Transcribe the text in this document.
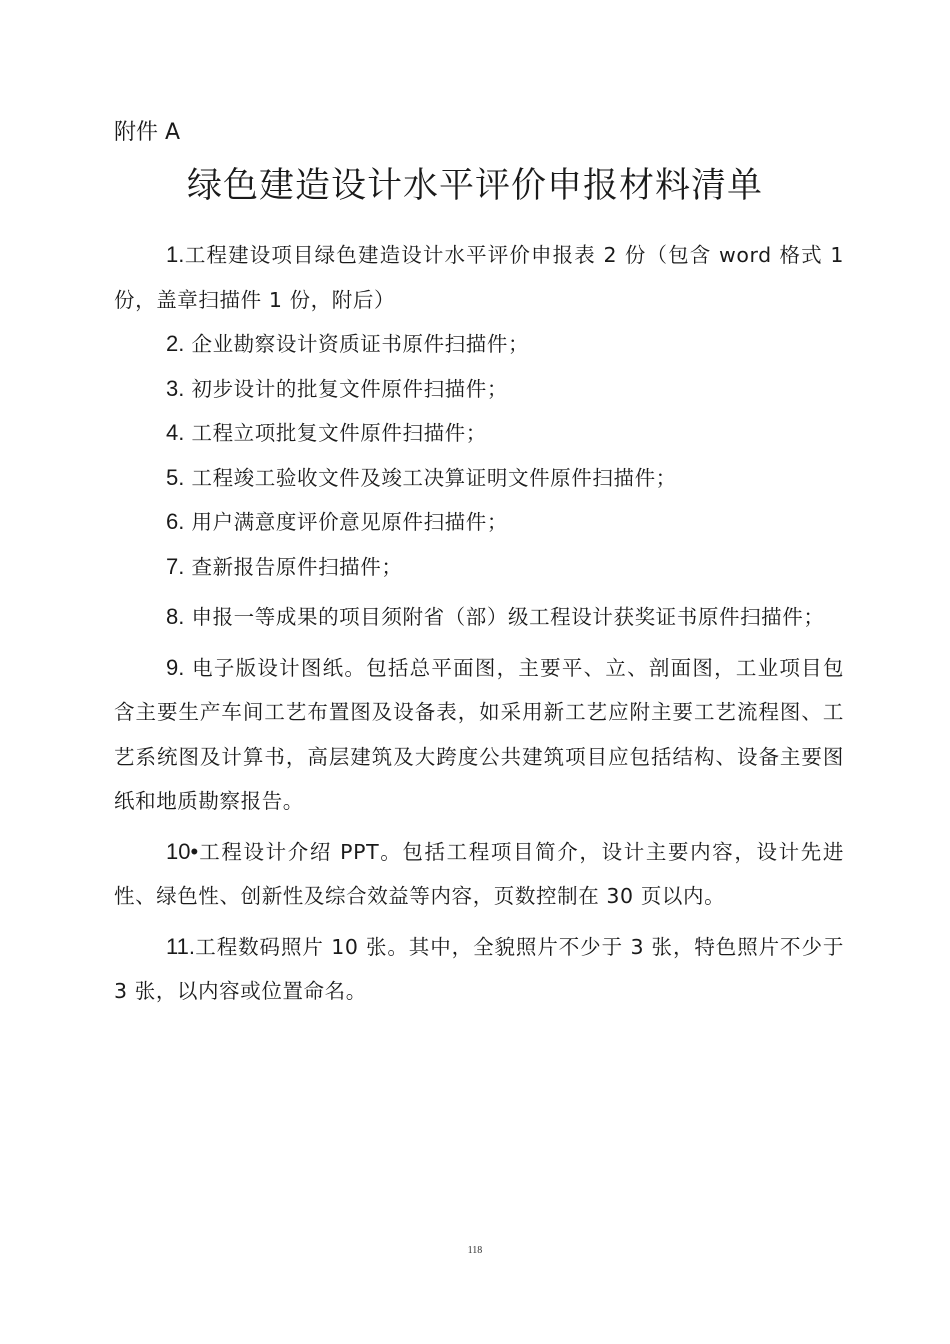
附件 A
绿色建造设计水平评价申报材料清单
1.工程建设项目绿色建造设计水平评价申报表 2 份（包含 word 格式 1 份，盖章扫描件 1 份，附后）
2. 企业勘察设计资质证书原件扫描件；
3. 初步设计的批复文件原件扫描件；
4. 工程立项批复文件原件扫描件；
5. 工程竣工验收文件及竣工决算证明文件原件扫描件；
6. 用户满意度评价意见原件扫描件；
7. 查新报告原件扫描件；
8. 申报一等成果的项目须附省（部）级工程设计获奖证书原件扫描件；
9. 电子版设计图纸。包括总平面图，主要平、立、剖面图，工业项目包含主要生产车间工艺布置图及设备表，如采用新工艺应附主要工艺流程图、工艺系统图及计算书，高层建筑及大跨度公共建筑项目应包括结构、设备主要图纸和地质勘察报告。
10•工程设计介绍 PPT。包括工程项目简介，设计主要内容，设计先进性、绿色性、创新性及综合效益等内容，页数控制在 30 页以内。
11.工程数码照片 10 张。其中，全貌照片不少于 3 张，特色照片不少于 3 张，以内容或位置命名。
118
